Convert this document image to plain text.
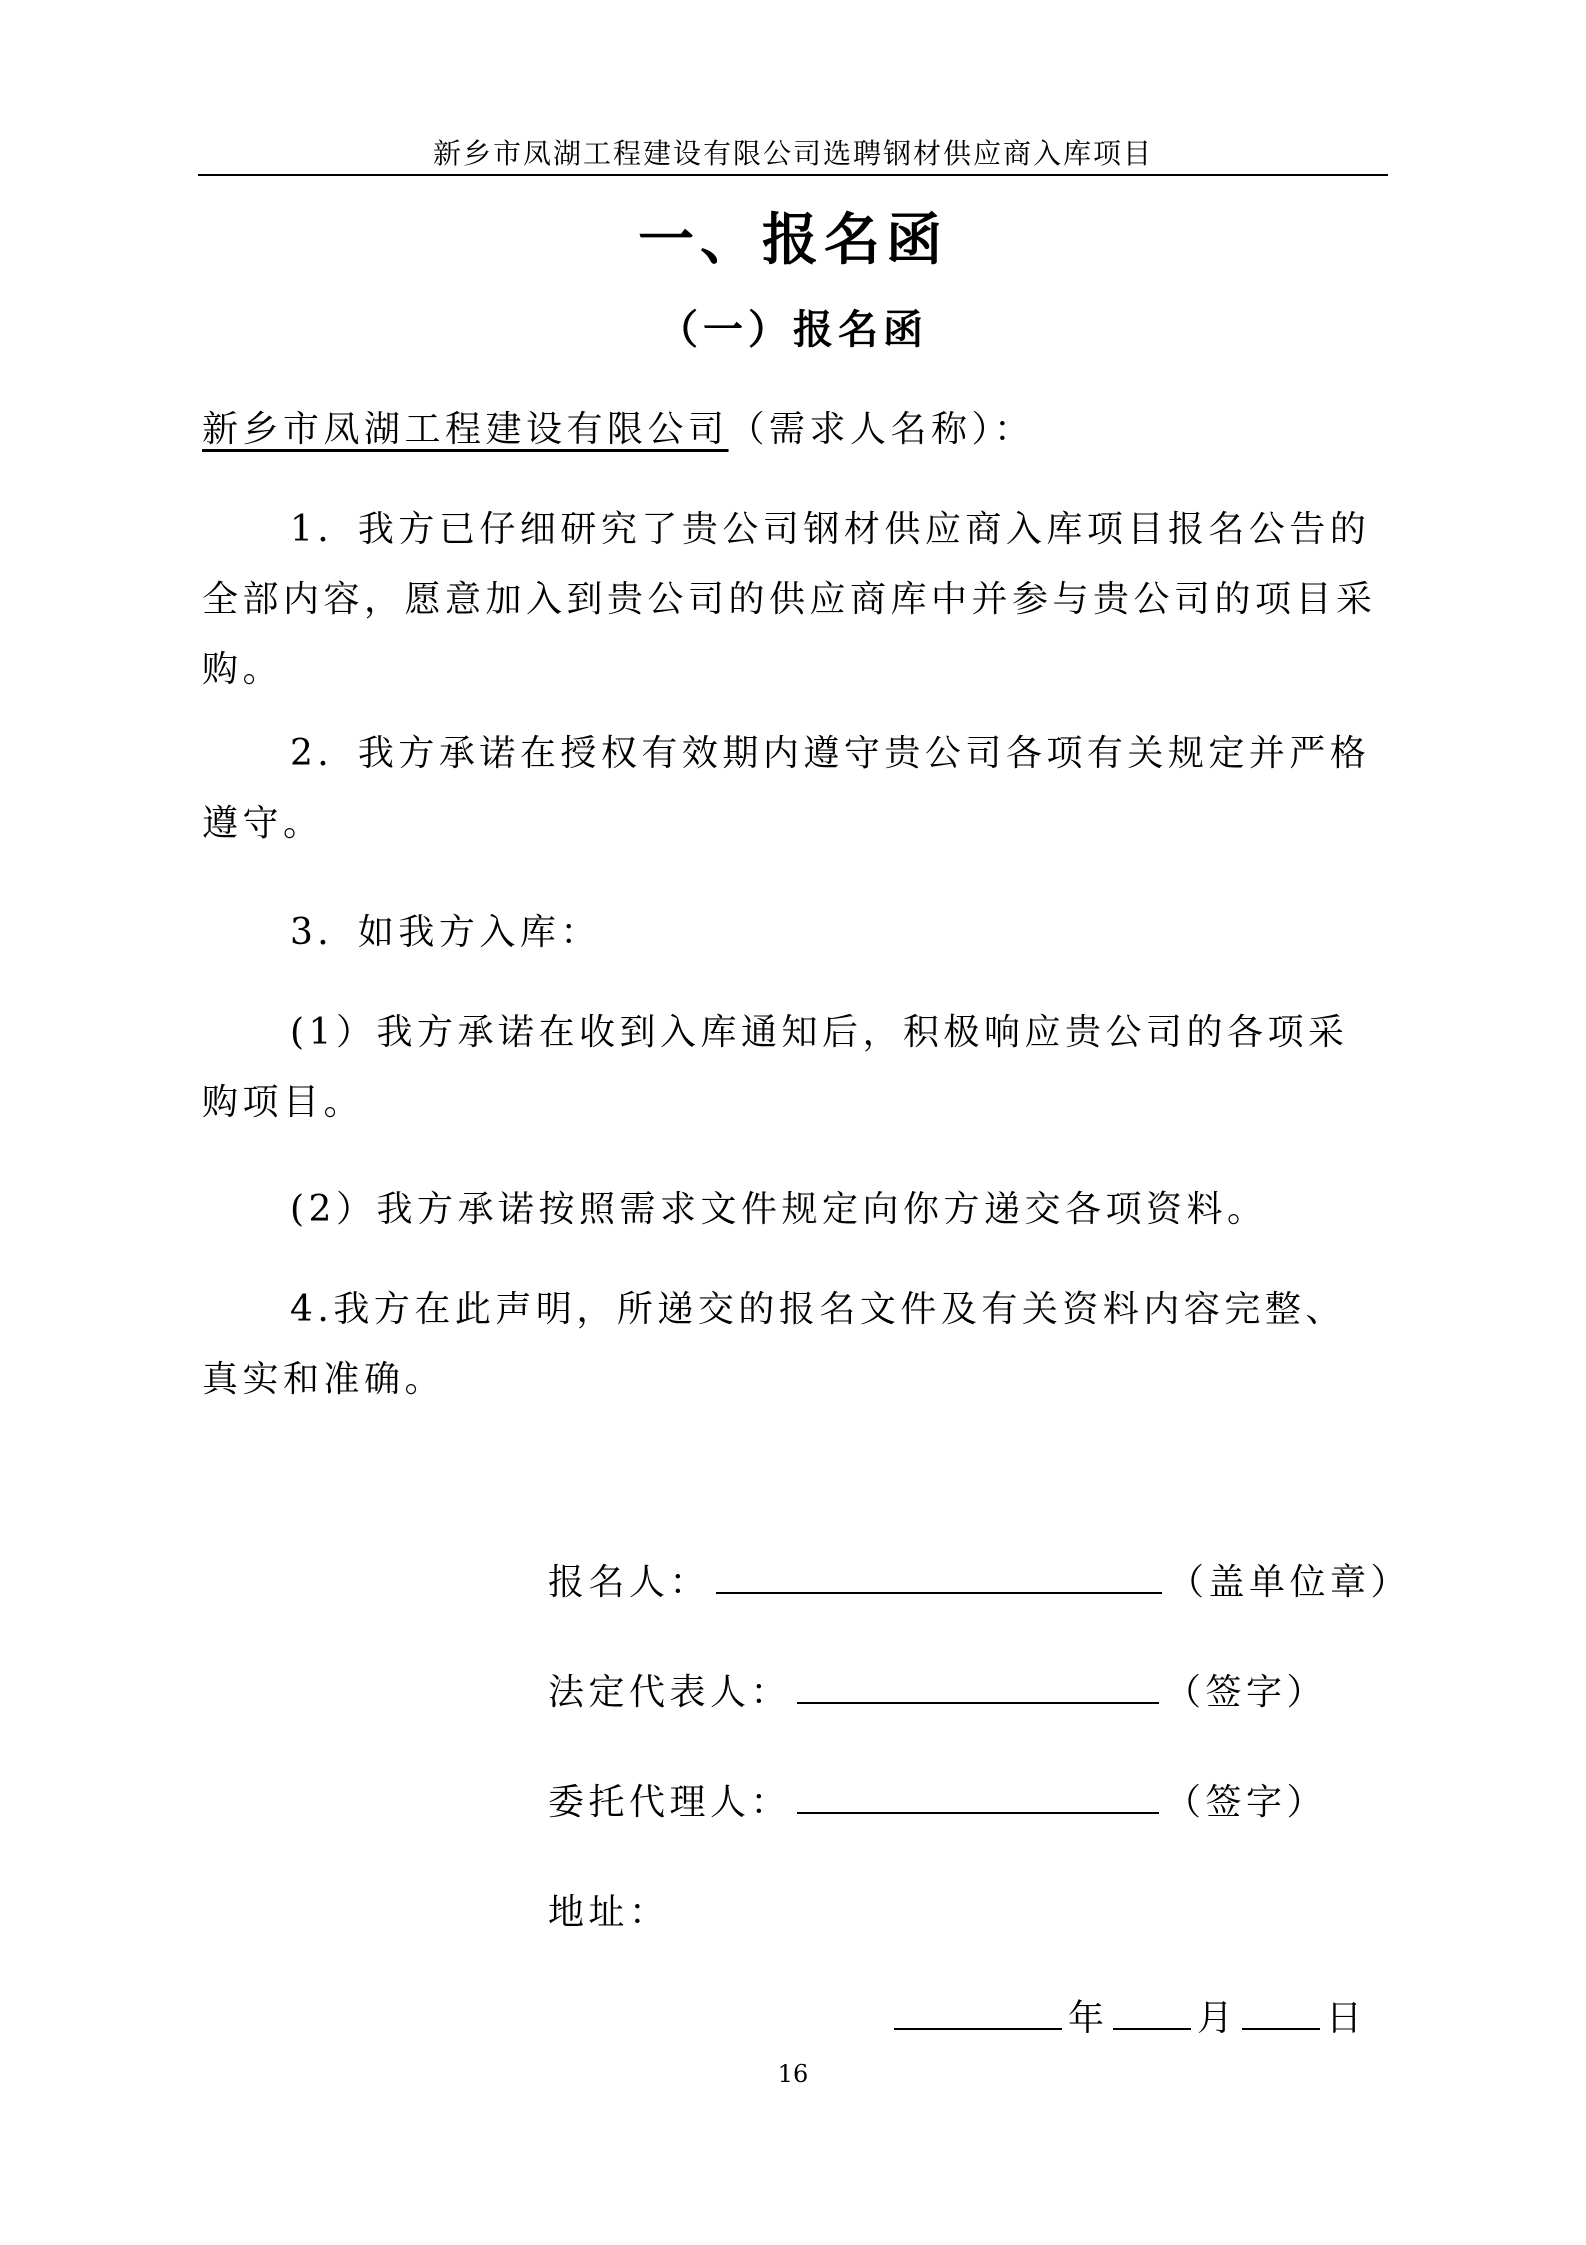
新乡市凤湖工程建设有限公司选聘钢材供应商入库项目
一、报名函
（一）报名函
新乡市凤湖工程建设有限公司（需求人名称）：
1．我方已仔细研究了贵公司钢材供应商入库项目报名公告的全部内容，愿意加入到贵公司的供应商库中并参与贵公司的项目采购。
2．我方承诺在授权有效期内遵守贵公司各项有关规定并严格遵守。
3．如我方入库：
(1）我方承诺在收到入库通知后，积极响应贵公司的各项采购项目。
(2）我方承诺按照需求文件规定向你方递交各项资料。
4.我方在此声明，所递交的报名文件及有关资料内容完整、真实和准确。
报名人：	（盖单位章）
法定代表人：	（签字）
委托代理人：	（签字）
地址：
年	月	日
16
